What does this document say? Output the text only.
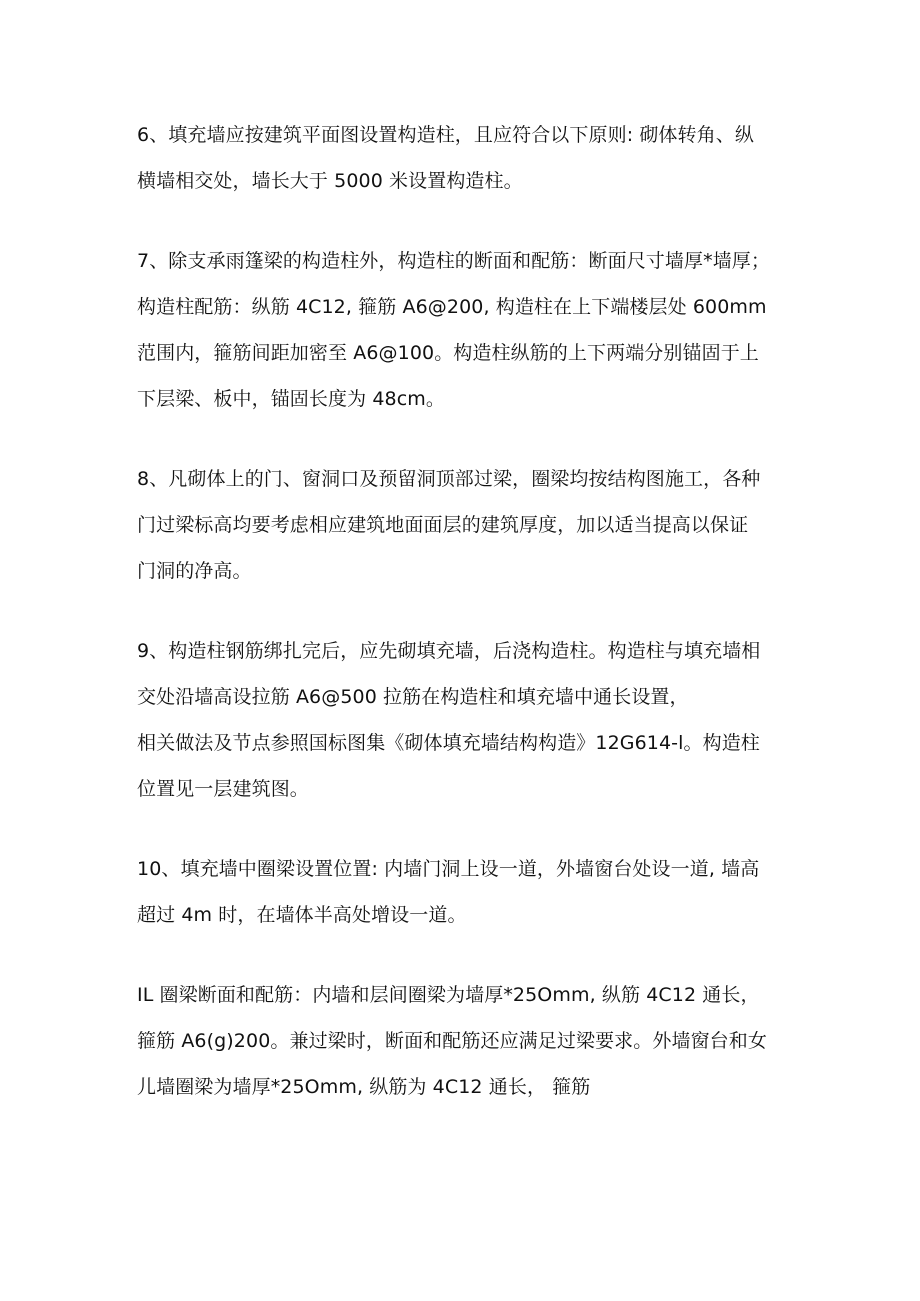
6、填充墙应按建筑平面图设置构造柱，且应符合以下原则: 砌体转角、纵
横墙相交处，墙长大于 5000 米设置构造柱。
7、除支承雨篷梁的构造柱外，构造柱的断面和配筋：断面尺寸墙厚*墙厚；
构造柱配筋：纵筋 4C12, 箍筋 A6@200, 构造柱在上下端楼层处 600mm
范围内，箍筋间距加密至 A6@100。构造柱纵筋的上下两端分别锚固于上
下层梁、板中，锚固长度为 48cm。
8、凡砌体上的门、窗洞口及预留洞顶部过梁，圈梁均按结构图施工，各种
门过梁标高均要考虑相应建筑地面面层的建筑厚度，加以适当提高以保证
门洞的净高。
9、构造柱钢筋绑扎完后，应先砌填充墙，后浇构造柱。构造柱与填充墙相
交处沿墙高设拉筋 A6@500 拉筋在构造柱和填充墙中通长设置，
相关做法及节点参照国标图集《砌体填充墙结构构造》12G614-l。构造柱
位置见一层建筑图。
10、填充墙中圈梁设置位置: 内墙门洞上设一道，外墙窗台处设一道, 墙高
超过 4m 时，在墙体半高处增设一道。
IL 圈梁断面和配筋：内墙和层间圈梁为墙厚*25Omm, 纵筋 4C12 通长，
箍筋 A6(g)200。兼过梁时，断面和配筋还应满足过梁要求。外墙窗台和女
儿墙圈梁为墙厚*25Omm, 纵筋为 4C12 通长， 箍筋
